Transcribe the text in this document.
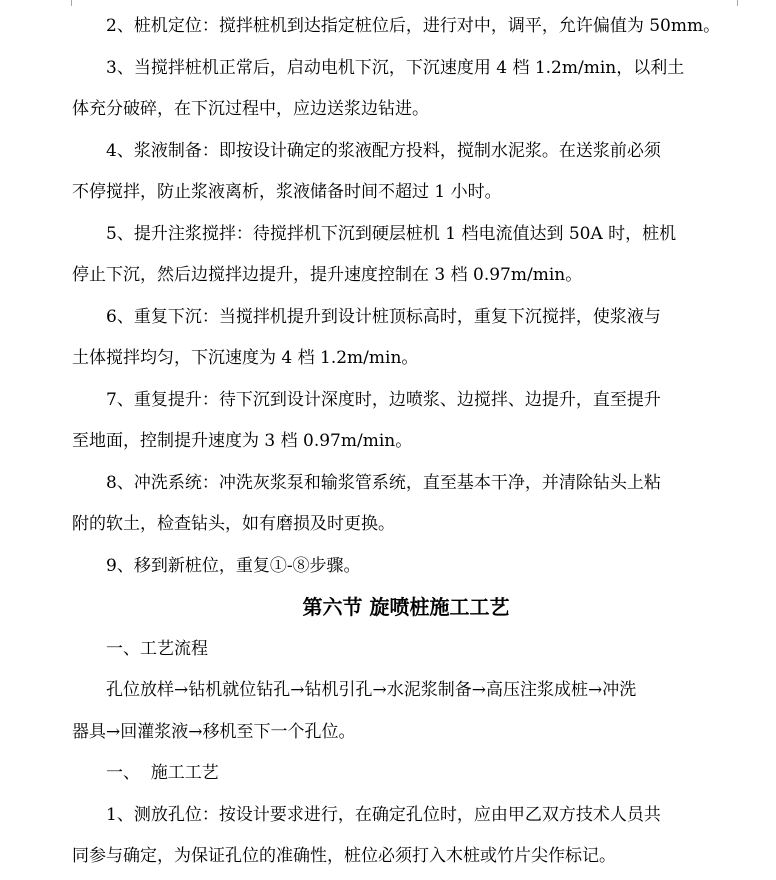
2、桩机定位：搅拌桩机到达指定桩位后，进行对中，调平，允许偏值为 50mm。

3、当搅拌桩机正常后，启动电机下沉，下沉速度用 4 档 1.2m/min，以利土
体充分破碎，在下沉过程中，应边送浆边钻进。

4、浆液制备：即按设计确定的浆液配方投料，搅制水泥浆。在送浆前必须
不停搅拌，防止浆液离析，浆液储备时间不超过 1 小时。

5、提升注浆搅拌：待搅拌机下沉到硬层桩机 1 档电流值达到 50A 时，桩机
停止下沉，然后边搅拌边提升，提升速度控制在 3 档 0.97m/min。

6、重复下沉：当搅拌机提升到设计桩顶标高时，重复下沉搅拌，使浆液与
土体搅拌均匀，下沉速度为 4 档 1.2m/min。

7、重复提升：待下沉到设计深度时，边喷浆、边搅拌、边提升，直至提升
至地面，控制提升速度为 3 档 0.97m/min。

8、冲洗系统：冲洗灰浆泵和输浆管系统，直至基本干净，并清除钻头上粘
附的软土，检查钻头，如有磨损及时更换。

9、移到新桩位，重复①-⑧步骤。

第六节 旋喷桩施工工艺

一、工艺流程

孔位放样→钻机就位钻孔→钻机引孔→水泥浆制备→高压注浆成桩→冲洗
器具→回灌浆液→移机至下一个孔位。

一、  施工工艺

1、测放孔位：按设计要求进行，在确定孔位时，应由甲乙双方技术人员共
同参与确定，为保证孔位的准确性，桩位必须打入木桩或竹片尖作标记。
